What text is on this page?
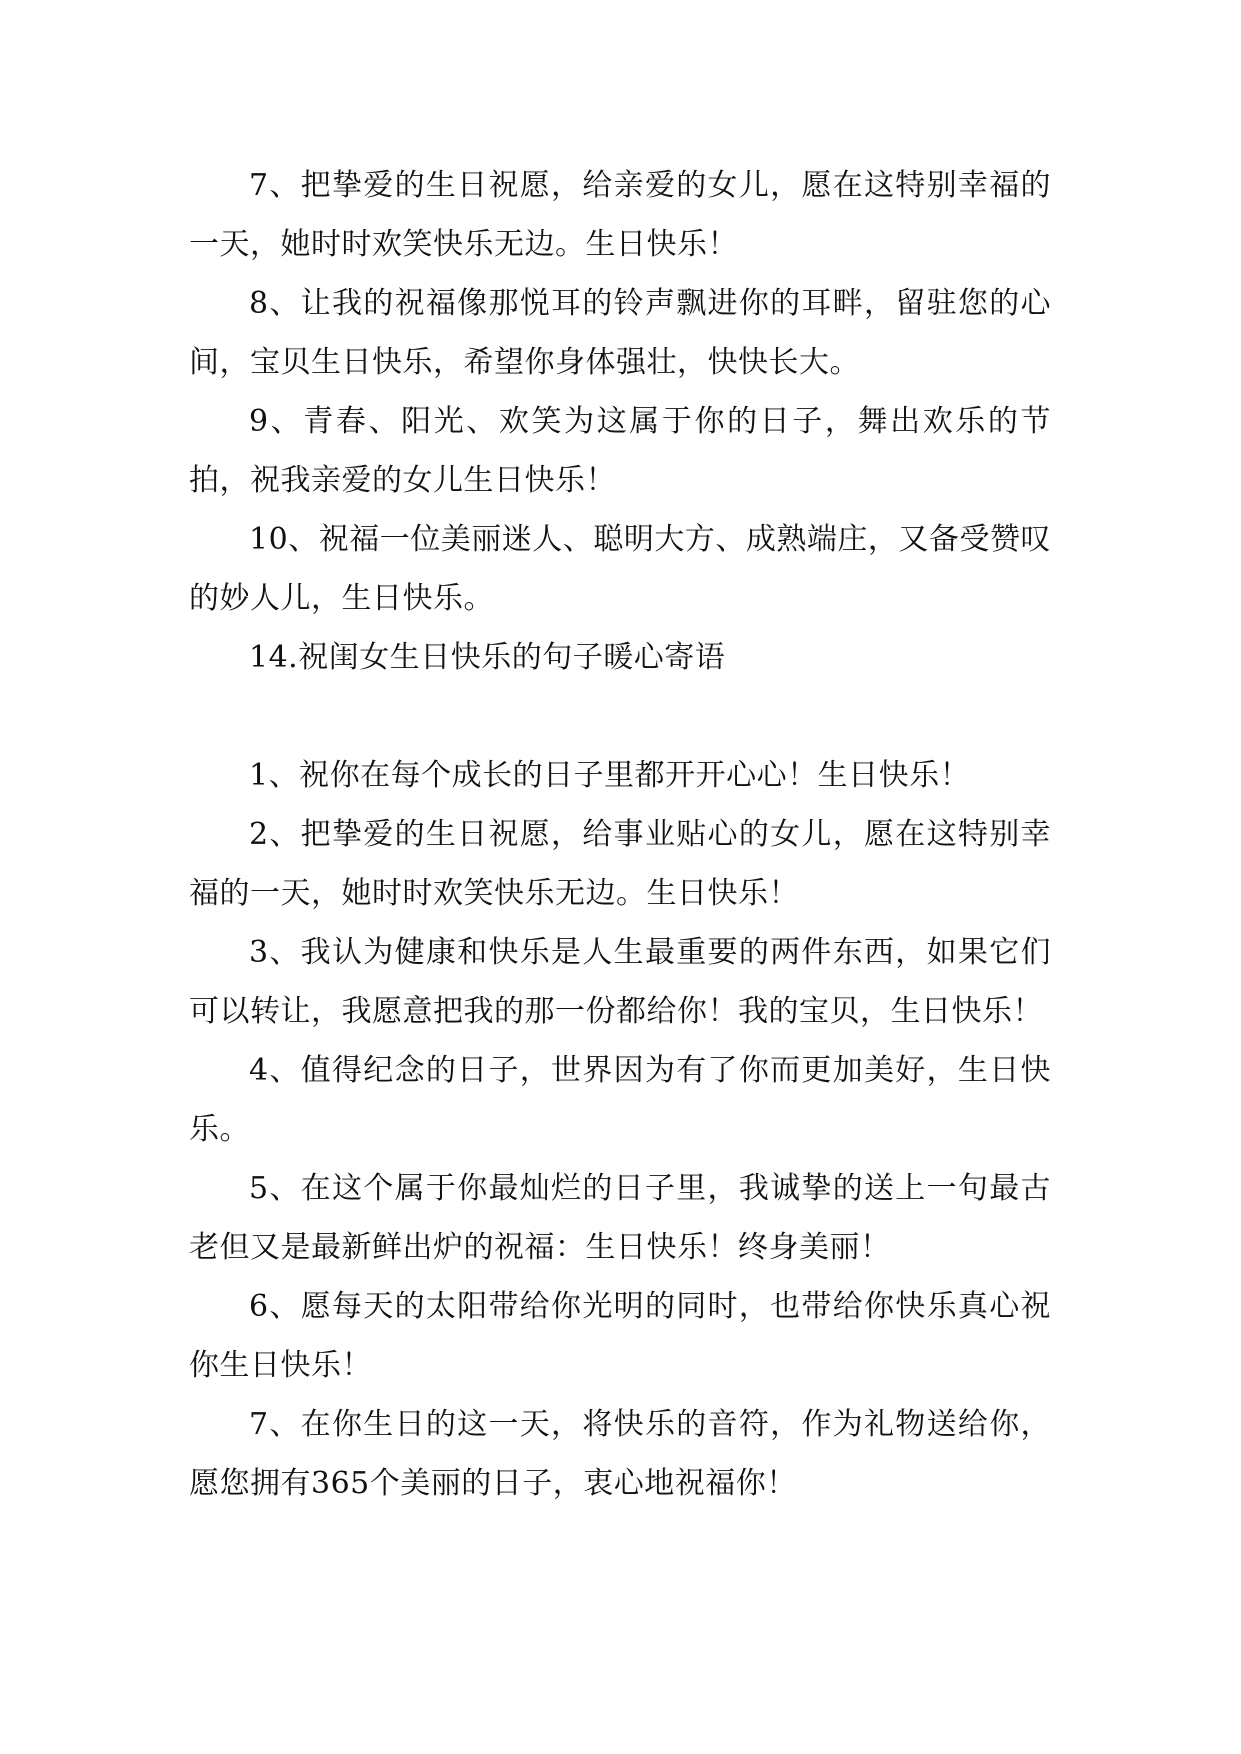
7、把挚爱的生日祝愿，给亲爱的女儿，愿在这特别幸福的一天，她时时欢笑快乐无边。生日快乐！

8、让我的祝福像那悦耳的铃声飘进你的耳畔，留驻您的心间，宝贝生日快乐，希望你身体强壮，快快长大。

9、青春、阳光、欢笑为这属于你的日子，舞出欢乐的节拍，祝我亲爱的女儿生日快乐！

10、祝福一位美丽迷人、聪明大方、成熟端庄，又备受赞叹的妙人儿，生日快乐。

14.祝闺女生日快乐的句子暖心寄语

1、祝你在每个成长的日子里都开开心心！生日快乐！

2、把挚爱的生日祝愿，给事业贴心的女儿，愿在这特别幸福的一天，她时时欢笑快乐无边。生日快乐！

3、我认为健康和快乐是人生最重要的两件东西，如果它们可以转让，我愿意把我的那一份都给你！我的宝贝，生日快乐！

4、值得纪念的日子，世界因为有了你而更加美好，生日快乐。

5、在这个属于你最灿烂的日子里，我诚挚的送上一句最古老但又是最新鲜出炉的祝福：生日快乐！终身美丽！

6、愿每天的太阳带给你光明的同时，也带给你快乐真心祝你生日快乐！

7、在你生日的这一天，将快乐的音符，作为礼物送给你，愿您拥有365个美丽的日子，衷心地祝福你！
